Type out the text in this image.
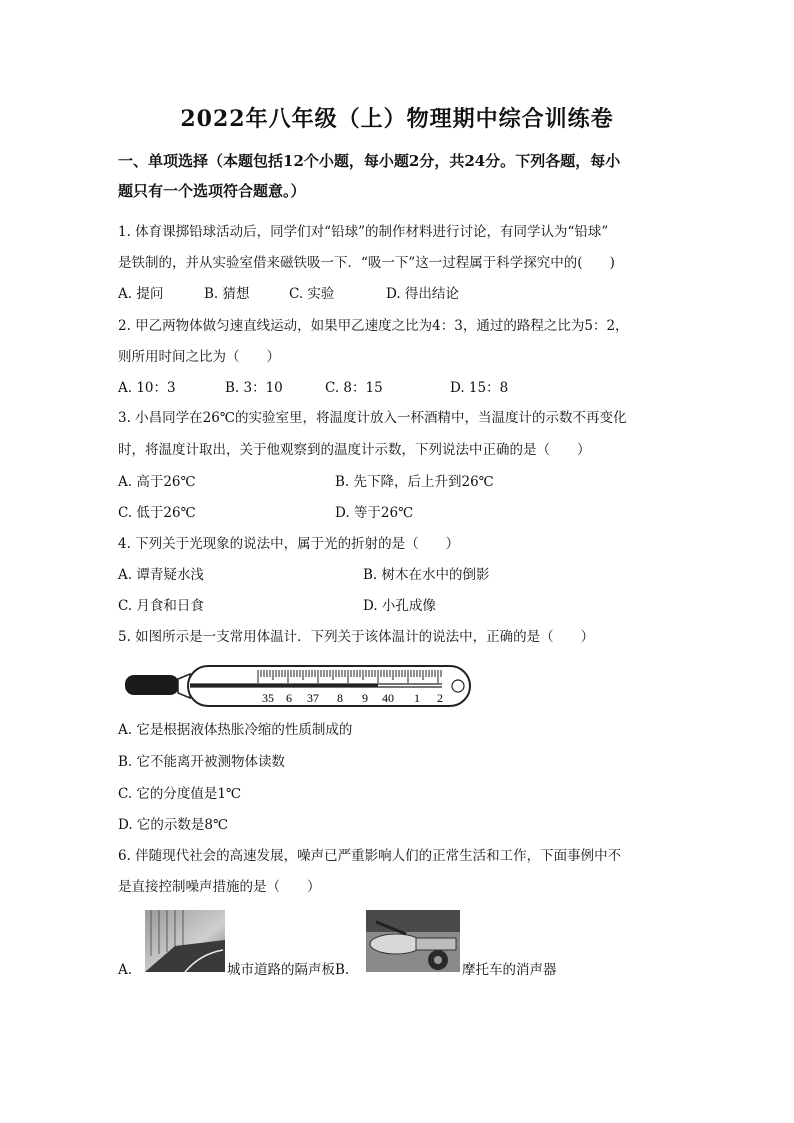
2022年八年级（上）物理期中综合训练卷
一、单项选择（本题包括12个小题，每小题2分，共24分。下列各题，每小
题只有一个选项符合题意。）
1. 体育课掷铅球活动后，同学们对“铅球”的制作材料进行讨论，有同学认为“铅球”
是铁制的，并从实验室借来磁铁吸一下．“吸一下”这一过程属于科学探究中的(　　)
A. 提问	B. 猜想	C. 实验	D. 得出结论
2. 甲乙两物体做匀速直线运动，如果甲乙速度之比为4：3，通过的路程之比为5：2，
则所用时间之比为（　　）
A. 10：3	B. 3：10	C. 8：15	D. 15：8
3. 小昌同学在26℃的实验室里，将温度计放入一杯酒精中，当温度计的示数不再变化
时，将温度计取出，关于他观察到的温度计示数，下列说法中正确的是（　　）
A. 高于26℃	B. 先下降，后上升到26℃
C. 低于26℃	D. 等于26℃
4. 下列关于光现象的说法中，属于光的折射的是（　　）
A. 谭青疑水浅	B. 树木在水中的倒影
C. 月食和日食	D. 小孔成像
5. 如图所示是一支常用体温计．下列关于该体温计的说法中，正确的是（　　）
35 6 37 8 9 40 1 2
A. 它是根据液体热胀冷缩的性质制成的
B. 它不能离开被测物体读数
C. 它的分度值是1℃
D. 它的示数是8℃
6. 伴随现代社会的高速发展，噪声已严重影响人们的正常生活和工作，下面事例中不
是直接控制噪声措施的是（　　）
A.	城市道路的隔声板B.	摩托车的消声器
